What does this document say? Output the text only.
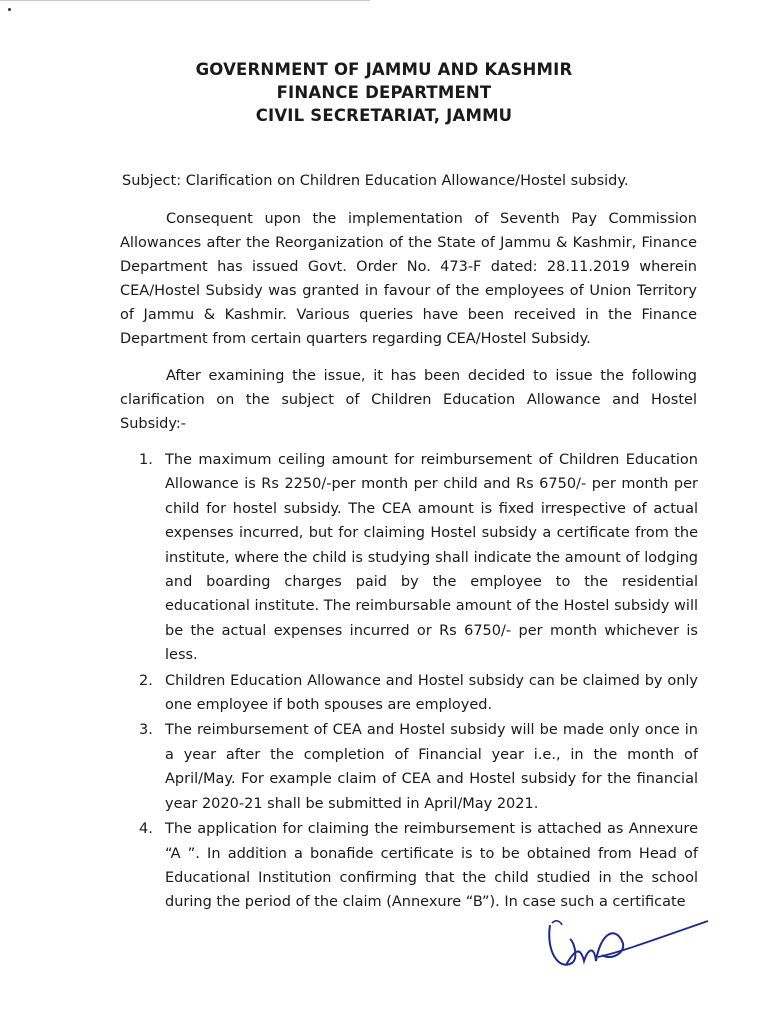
GOVERNMENT OF JAMMU AND KASHMIR
FINANCE DEPARTMENT
CIVIL SECRETARIAT, JAMMU
Subject: Clarification on Children Education Allowance/Hostel subsidy.

Consequent upon the implementation of Seventh Pay Commission Allowances after the Reorganization of the State of Jammu & Kashmir, Finance Department has issued Govt. Order No. 473-F dated: 28.11.2019 wherein CEA/Hostel Subsidy was granted in favour of the employees of Union Territory of Jammu & Kashmir. Various queries have been received in the Finance Department from certain quarters regarding CEA/Hostel Subsidy.

After examining the issue, it has been decided to issue the following clarification on the subject of Children Education Allowance and Hostel Subsidy:-

1. The maximum ceiling amount for reimbursement of Children Education Allowance is Rs 2250/-per month per child and Rs 6750/- per month per child for hostel subsidy. The CEA amount is fixed irrespective of actual expenses incurred, but for claiming Hostel subsidy a certificate from the institute, where the child is studying shall indicate the amount of lodging and boarding charges paid by the employee to the residential educational institute. The reimbursable amount of the Hostel subsidy will be the actual expenses incurred or Rs 6750/- per month whichever is less.
2. Children Education Allowance and Hostel subsidy can be claimed by only one employee if both spouses are employed.
3. The reimbursement of CEA and Hostel subsidy will be made only once in a year after the completion of Financial year i.e., in the month of April/May. For example claim of CEA and Hostel subsidy for the financial year 2020-21 shall be submitted in April/May 2021.
4. The application for claiming the reimbursement is attached as Annexure “A ”. In addition a bonafide certificate is to be obtained from Head of Educational Institution confirming that the child studied in the school during the period of the claim (Annexure “B”). In case such a certificate
